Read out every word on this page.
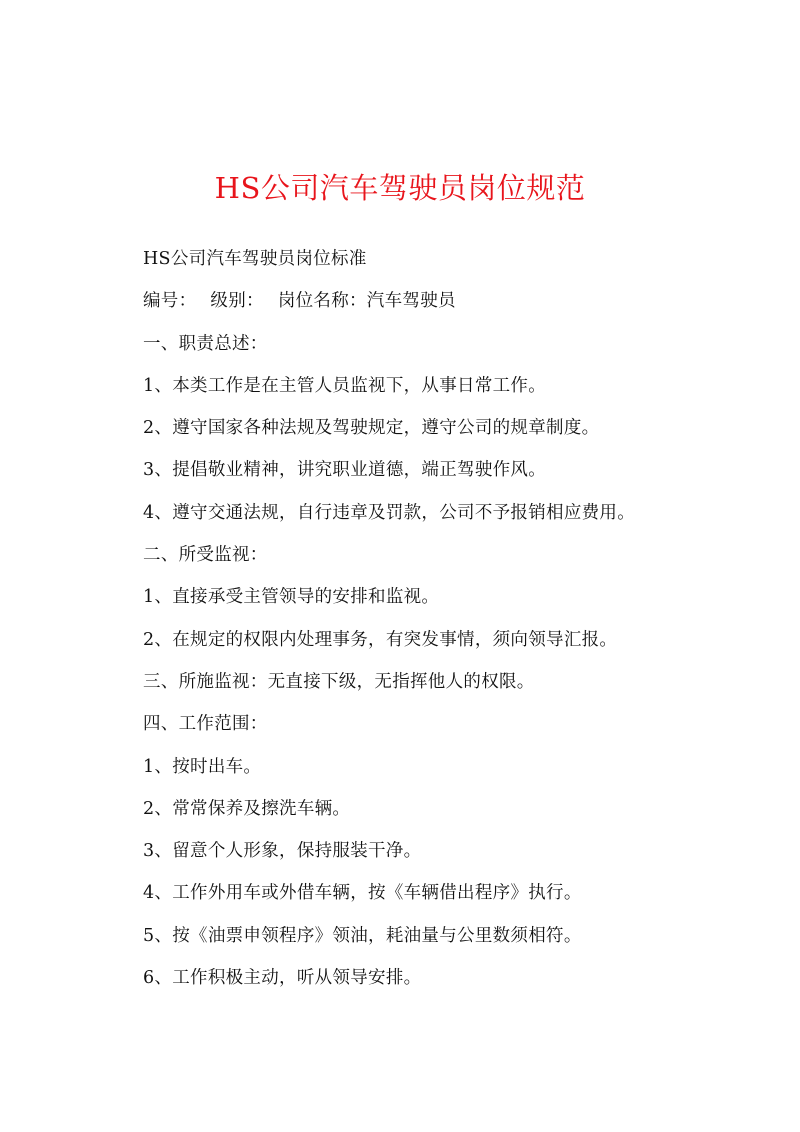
HS公司汽车驾驶员岗位规范
HS公司汽车驾驶员岗位标准
编号： 级别： 岗位名称：汽车驾驶员
一、职责总述：
1、本类工作是在主管人员监视下，从事日常工作。
2、遵守国家各种法规及驾驶规定，遵守公司的规章制度。
3、提倡敬业精神，讲究职业道德，端正驾驶作风。
4、遵守交通法规，自行违章及罚款，公司不予报销相应费用。
二、所受监视：
1、直接承受主管领导的安排和监视。
2、在规定的权限内处理事务，有突发事情，须向领导汇报。
三、所施监视：无直接下级，无指挥他人的权限。
四、工作范围：
1、按时出车。
2、常常保养及擦洗车辆。
3、留意个人形象，保持服装干净。
4、工作外用车或外借车辆，按《车辆借出程序》执行。
5、按《油票申领程序》领油，耗油量与公里数须相符。
6、工作积极主动，听从领导安排。
